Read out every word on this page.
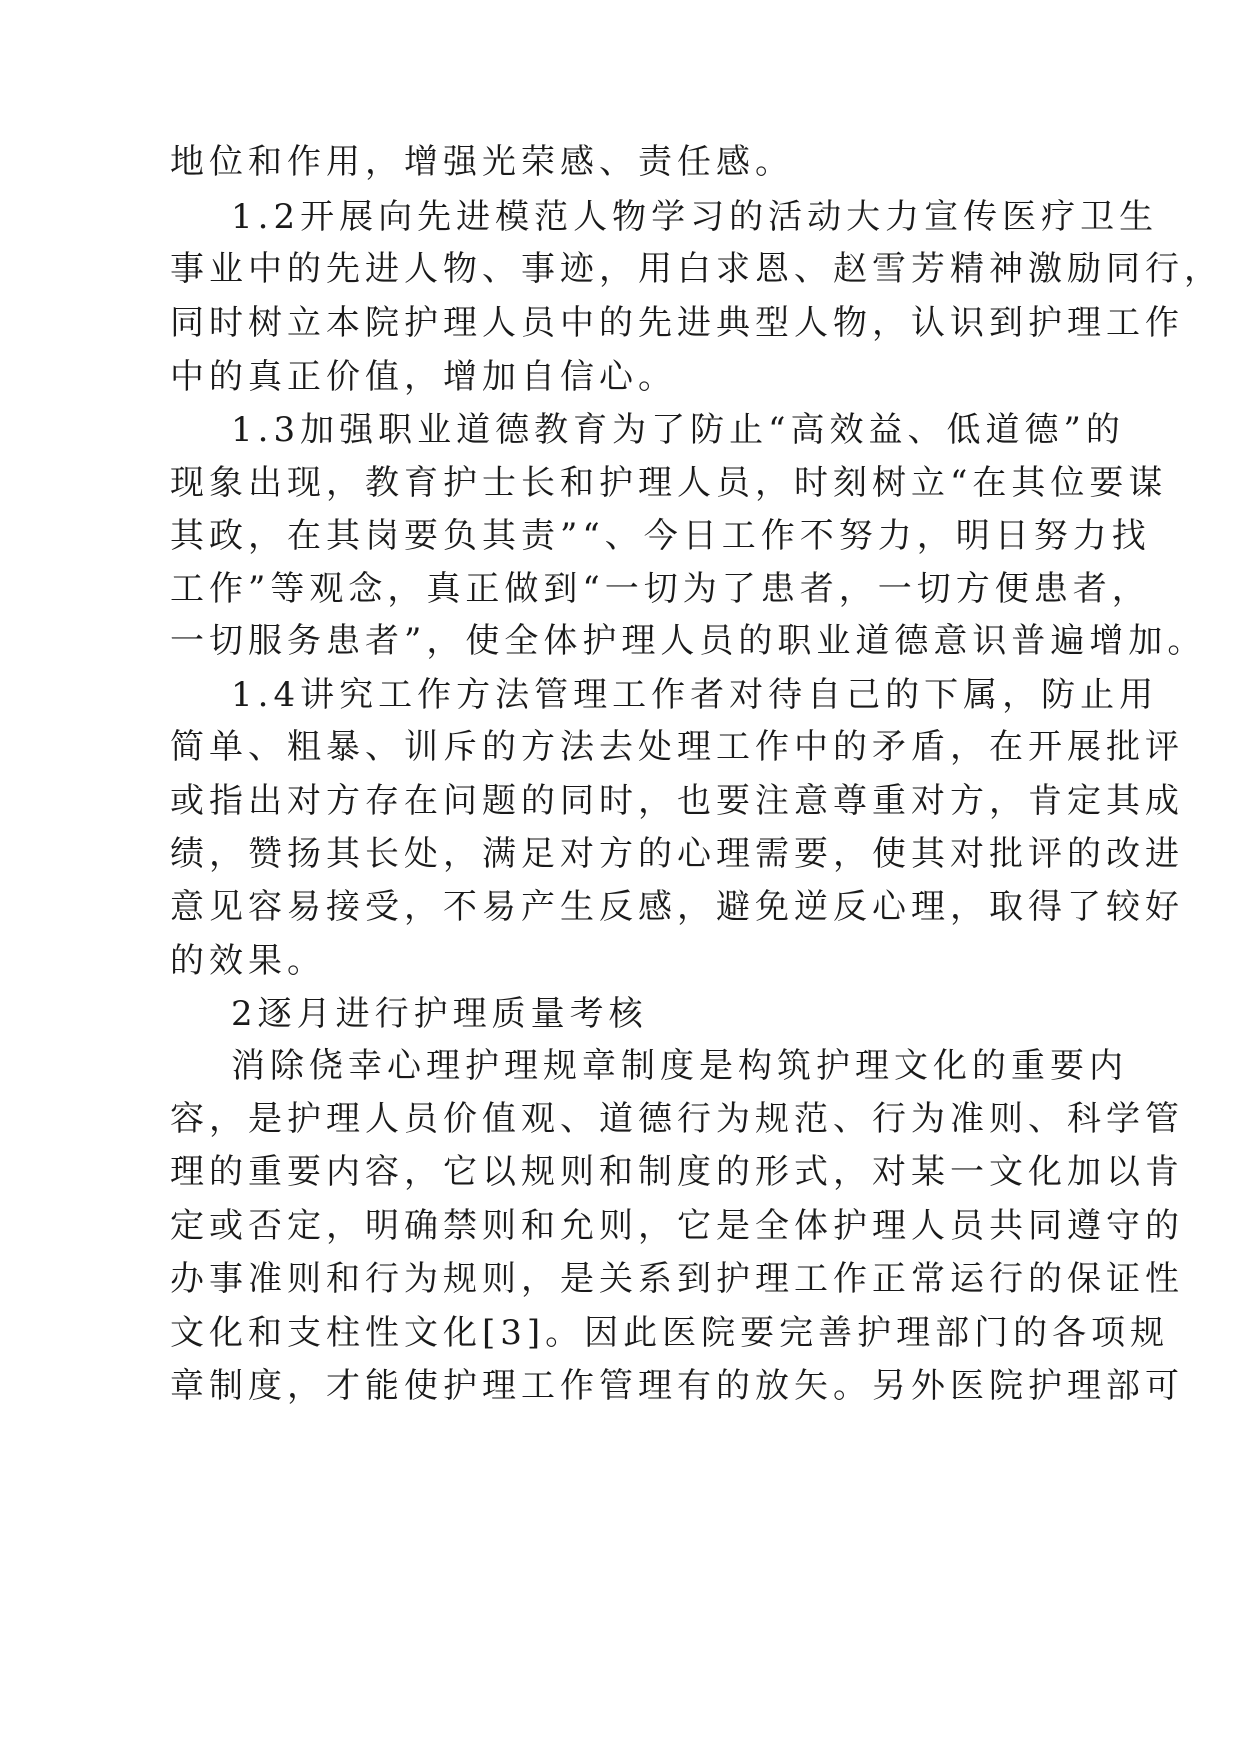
地位和作用，增强光荣感、责任感。
1.2开展向先进模范人物学习的活动大力宣传医疗卫生
事业中的先进人物、事迹，用白求恩、赵雪芳精神激励同行，
同时树立本院护理人员中的先进典型人物，认识到护理工作
中的真正价值，增加自信心。
1.3加强职业道德教育为了防止“高效益、低道德”的
现象出现，教育护士长和护理人员，时刻树立“在其位要谋
其政，在其岗要负其责”“、今日工作不努力，明日努力找
工作”等观念，真正做到“一切为了患者，一切方便患者，
一切服务患者”，使全体护理人员的职业道德意识普遍增加。
1.4讲究工作方法管理工作者对待自己的下属，防止用
简单、粗暴、训斥的方法去处理工作中的矛盾，在开展批评
或指出对方存在问题的同时，也要注意尊重对方，肯定其成
绩，赞扬其长处，满足对方的心理需要，使其对批评的改进
意见容易接受，不易产生反感，避免逆反心理，取得了较好
的效果。
2逐月进行护理质量考核
消除侥幸心理护理规章制度是构筑护理文化的重要内
容，是护理人员价值观、道德行为规范、行为准则、科学管
理的重要内容，它以规则和制度的形式，对某一文化加以肯
定或否定，明确禁则和允则，它是全体护理人员共同遵守的
办事准则和行为规则，是关系到护理工作正常运行的保证性
文化和支柱性文化[3]。因此医院要完善护理部门的各项规
章制度，才能使护理工作管理有的放矢。另外医院护理部可
